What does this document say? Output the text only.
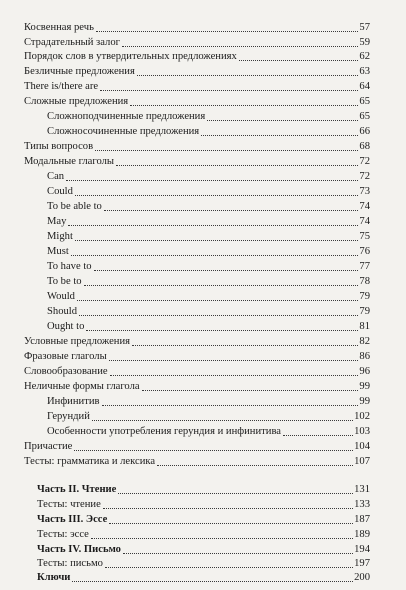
Косвенная речь	57
Страдательный залог	59
Порядок слов в утвердительных предложениях	62
Безличные предложения	63
There is/there are	64
Сложные предложения	65
Сложноподчиненные предложения	65
Сложносочиненные предложения	66
Типы вопросов	68
Модальные глаголы	72
Can	72
Could	73
To be able to	74
May	74
Might	75
Must	76
To have to	77
To be to	78
Would	79
Should	79
Ought to	81
Условные предложения	82
Фразовые глаголы	86
Словообразование	96
Неличные формы глагола	99
Инфинитив	99
Герундий	102
Особенности употребления герундия и инфинитива	103
Причастие	104
Тесты: грамматика и лексика	107
Часть II. Чтение	131
Тесты: чтение	133
Часть III. Эссе	187
Тесты: эссе	189
Часть IV. Письмо	194
Тесты: письмо	197
Ключи	200
